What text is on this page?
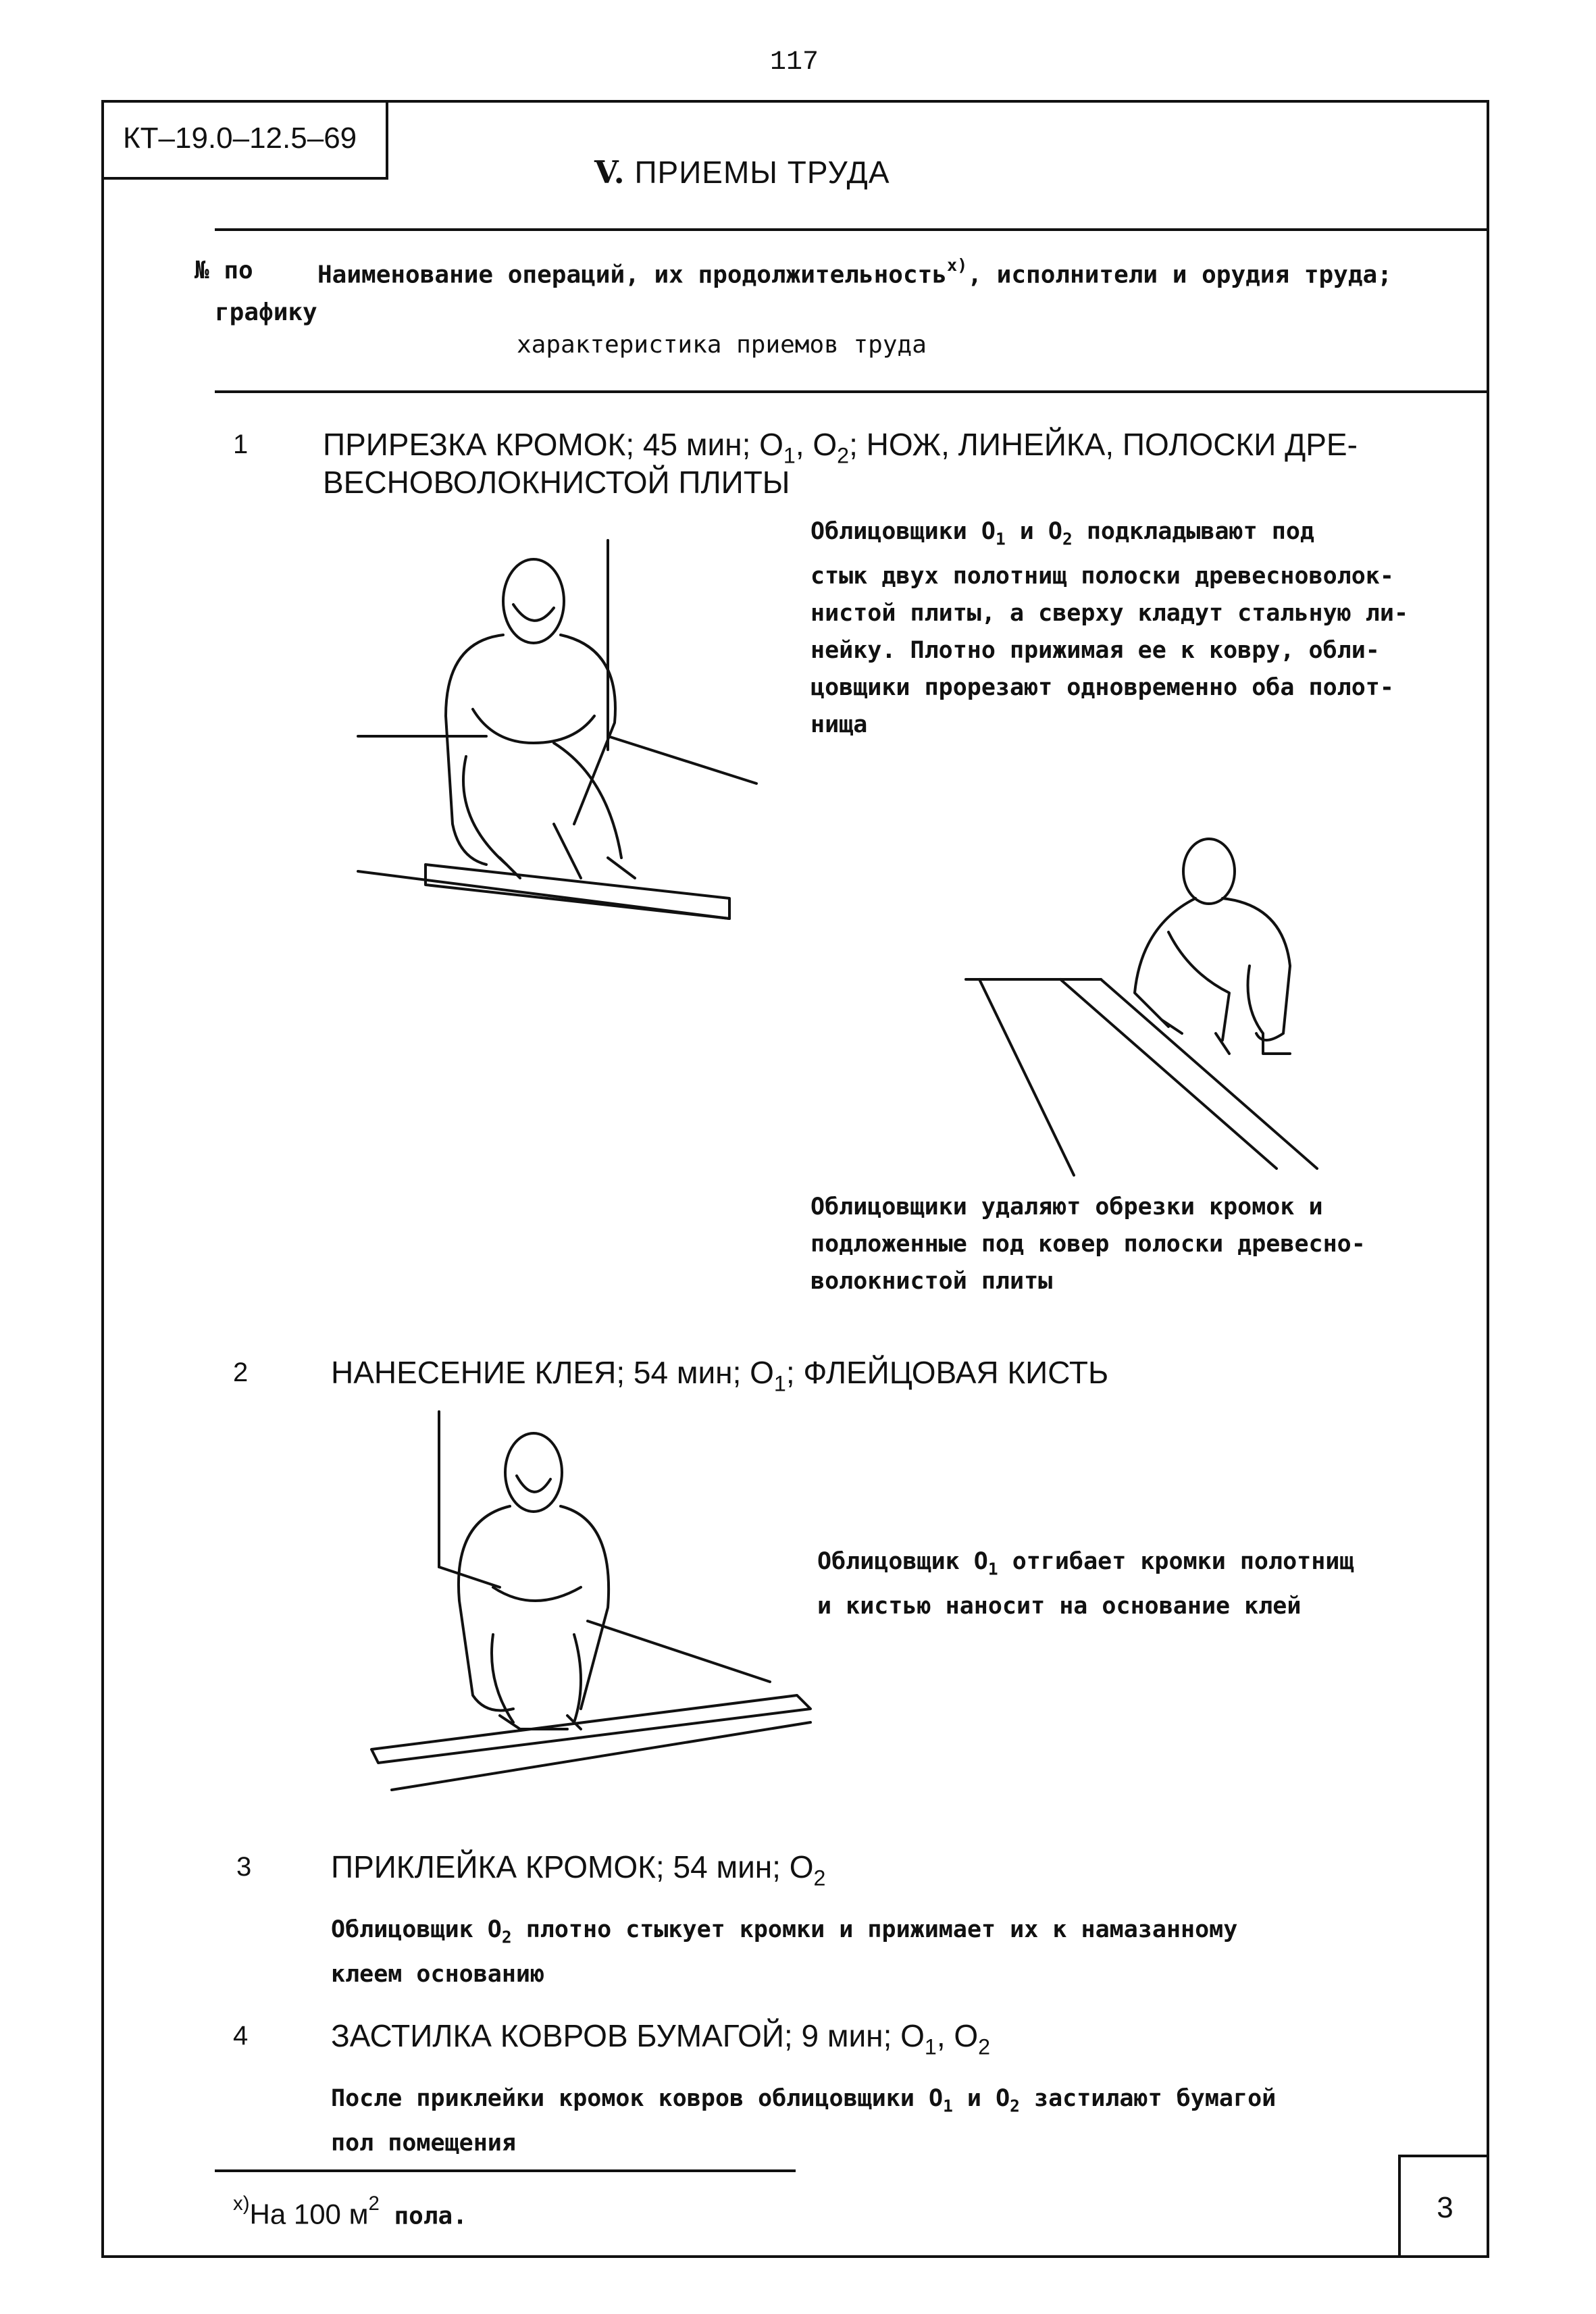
117
КТ–19.0–12.5–69
V. ПРИЕМЫ ТРУДА
№ по
графику
Наименование операций, их продолжительность$^{x)}$, исполнители и орудия труда;
характеристика приемов труда
1 ПРИРЕЗКА КРОМОК; 45 мин; $О_1$, $О_2$; НОЖ, ЛИНЕЙКА, ПОЛОСКИ ДРЕ-
ВЕСНОВОЛОКНИСТОЙ ПЛИТЫ
Облицовщики $О_1$ и $О_2$ подкладывают под
стык двух полотнищ полоски древесноволок-
нистой плиты, а сверху кладут стальную ли-
нейку. Плотно прижимая ее к ковру, обли-
цовщики прорезают одновременно оба полот-
нища
Облицовщики удаляют обрезки кромок и
подложенные под ковер полоски древесно-
волокнистой плиты
2	НАНЕСЕНИЕ КЛЕЯ; 54 мин; $О_1$; ФЛЕЙЦОВАЯ КИСТЬ
Облицовщик $О_1$ отгибает кромки полотнищ
и кистью наносит на основание клей
3	ПРИКЛЕЙКА КРОМОК; 54 мин; $О_2$
Облицовщик $О_2$ плотно стыкует кромки и прижимает их к намазанному
клеем основанию
4	ЗАСТИЛКА КОВРОВ БУМАГОЙ; 9 мин; $О_1$, $О_2$
После приклейки кромок ковров облицовщики $О_1$ и $О_2$ застилают бумагой
пол помещения
$^{x)}$На 100 $м^2$ пола.	3
